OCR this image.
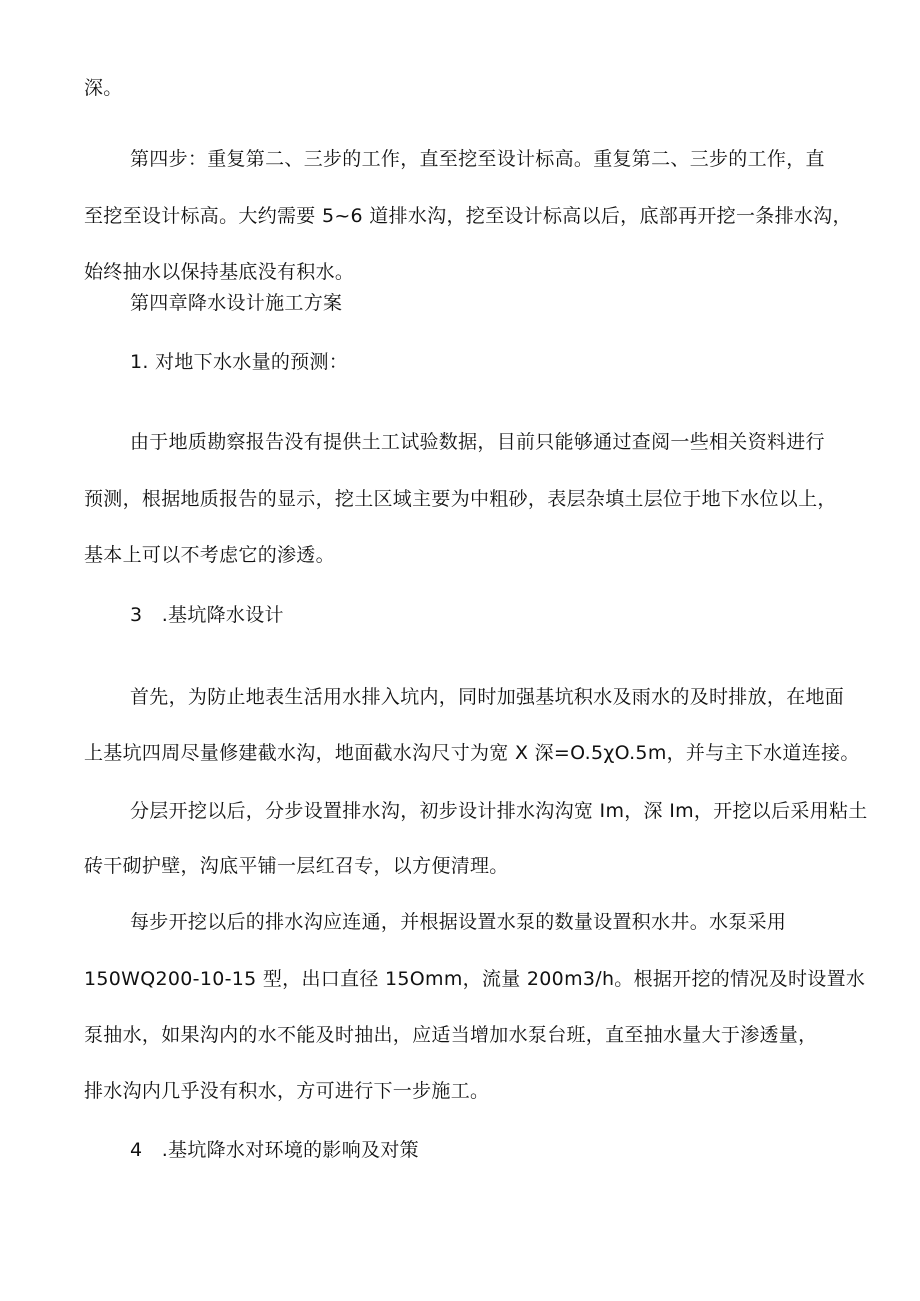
深。
第四步：重复第二、三步的工作，直至挖至设计标高。重复第二、三步的工作，直
至挖至设计标高。大约需要 5~6 道排水沟，挖至设计标高以后，底部再开挖一条排水沟，
始终抽水以保持基底没有积水。
第四章降水设计施工方案
1. 对地下水水量的预测：
由于地质勘察报告没有提供土工试验数据，目前只能够通过查阅一些相关资料进行
预测，根据地质报告的显示，挖土区域主要为中粗砂，表层杂填土层位于地下水位以上，
基本上可以不考虑它的渗透。
3　.基坑降水设计
首先，为防止地表生活用水排入坑内，同时加强基坑积水及雨水的及时排放，在地面
上基坑四周尽量修建截水沟，地面截水沟尺寸为宽 X 深=O.5χO.5m，并与主下水道连接。
分层开挖以后，分步设置排水沟，初步设计排水沟沟宽 Im，深 Im，开挖以后采用粘土
砖干砌护壁，沟底平铺一层红召专，以方便清理。
每步开挖以后的排水沟应连通，并根据设置水泵的数量设置积水井。水泵采用
150WQ200-10-15 型，出口直径 15Omm，流量 200m3∕h。根据开挖的情况及时设置水
泵抽水，如果沟内的水不能及时抽出，应适当增加水泵台班，直至抽水量大于渗透量，
排水沟内几乎没有积水，方可进行下一步施工。
4　.基坑降水对环境的影响及对策
